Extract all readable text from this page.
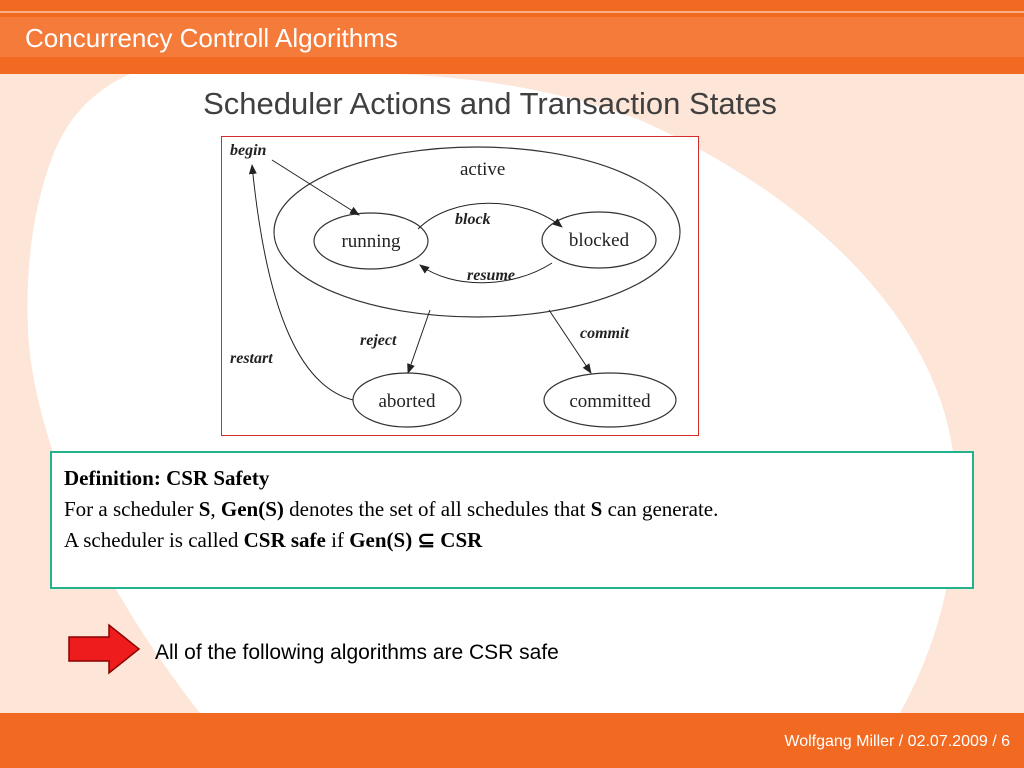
Concurrency Controll Algorithms
Scheduler Actions and Transaction States
active
running	blocked
aborted	committed
begin
block
resume
reject	commit
restart
Definition: CSR Safety
For a scheduler S, Gen(S) denotes the set of all schedules that S can generate.
A scheduler is called CSR safe if Gen(S) ⊆ CSR
All of the following algorithms are CSR safe
Wolfgang Miller / 02.07.2009 / 6
